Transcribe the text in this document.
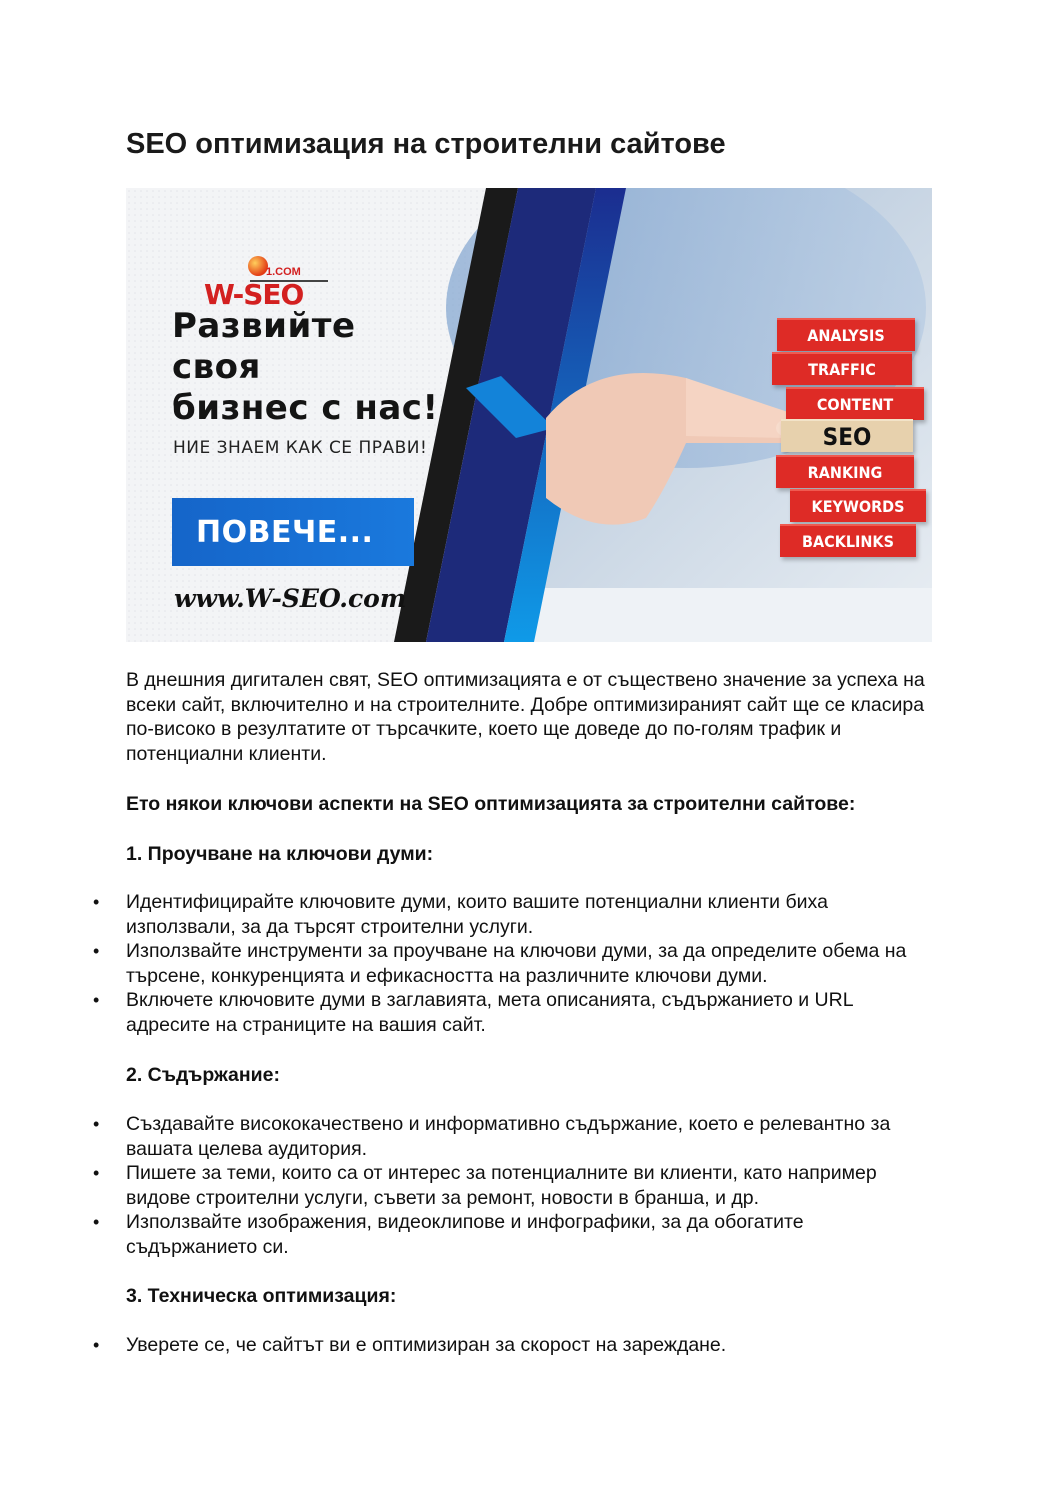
SEO оптимизация на строителни сайтове
1.COM
W-SEO
Развийте
своя
бизнес с нас!
НИЕ ЗНАЕМ КАК СЕ ПРАВИ!
ПОВЕЧЕ...
www.W-SEO.com
ANALYSIS
TRAFFIC
CONTENT
SEO
RANKING
KEYWORDS
BACKLINKS

В днешния дигитален свят, SEO оптимизацията е от съществено значение за успеха на всеки сайт, включително и на строителните. Добре оптимизираният сайт ще се класира по-високо в резултатите от търсачките, което ще доведе до по-голям трафик и потенциални клиенти.

Ето някои ключови аспекти на SEO оптимизацията за строителни сайтове:

1. Проучване на ключови думи:

• Идентифицирайте ключовите думи, които вашите потенциални клиенти биха използвали, за да търсят строителни услуги.
• Използвайте инструменти за проучване на ключови думи, за да определите обема на търсене, конкуренцията и ефикасността на различните ключови думи.
• Включете ключовите думи в заглавията, мета описанията, съдържанието и URL адресите на страниците на вашия сайт.

2. Съдържание:

• Създавайте висококачествено и информативно съдържание, което е релевантно за вашата целева аудитория.
• Пишете за теми, които са от интерес за потенциалните ви клиенти, като например видове строителни услуги, съвети за ремонт, новости в бранша, и др.
• Използвайте изображения, видеоклипове и инфографики, за да обогатите съдържанието си.

3. Техническа оптимизация:

• Уверете се, че сайтът ви е оптимизиран за скорост на зареждане.
